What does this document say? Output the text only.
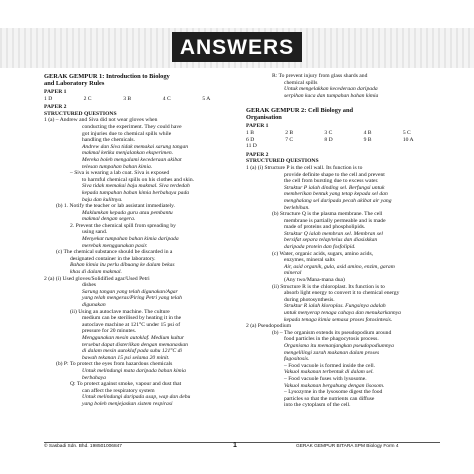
ANSWERS

GERAK GEMPUR 1: Introduction to Biology

and Laboratory Rules

PAPER 1

1 D	2 C	3 B	4 C	5 A

PAPER 2

STRUCTURED QUESTIONS

1 (a) – Andrew and Siva did not wear gloves when

conducting the experiment. They could have

got injuries due to chemical spills while

handling the chemicals.

Andrew dan Siva tidak memakai sarung tangan

makmal ketika menjalankan eksperimen.

Mereka boleh mengalami kecederaan akibat

telesan tumpahan bahan kimia.

– Siva is wearing a lab coat. Siva is exposed

to harmful chemical spills on his clothes and skin.

Siva tidak memakai baju makmal. Siva terdedah

kepada tumpahan bahan kimia berbahaya pada

baju dan kulitnya.

(b) 1. Notify the teacher or lab assistant immediately.

Maklumkan kepada guru atau pembantu

makmal dengan segera.

2. Prevent the chemical spill from spreading by

using sand.

Menyekat tumpahan bahan kimia daripada

merebak menggunakan pasir.

(c) The chemical substance should be discarded in a

designated container in the laboratory.

Bahan kimia itu perlu dibuang ke dalam bekas

khas di dalam makmal.

2 (a) (i) Used gloves/Solidified agar/Used Petri

dishes

Sarung tangan yang telah digunakan/Agar

yang telah mengeras/Piring Petri yang telah

digunakan

(ii) Using an autoclave machine. The culture

medium can be sterilised by heating it in the

autoclave machine at 121°C under 15 psi of

pressure for 20 minutes.

Menggunakan mesin autoklaf. Medium kultur

tersebut dapat disterilkan dengan memanaskan

di dalam mesin autoklaf pada suhu 121°C di

bawah tekanan 15 psi selama 20 minit.

(b) P: To protect the eyes from hazardous chemicals

Untuk melindungi mata daripada bahan kimia

berbahaya

Q: To protect against smoke, vapour and dust that

can affect the respiratory system

Untuk melindungi daripada asap, wap dan debu

yang boleh menjejaskan sistem respirasi

R: To prevent injury from glass shards and

chemical spills

Untuk mengelakkan kecederaan daripada

serpihan kaca dan tumpahan bahan kimia

GERAK GEMPUR 2: Cell Biology and

Organisation

PAPER 1

1 B	2 B	3 C	4 B	5 C
6 D	7 C	8 D	9 B	10 A
11 D

PAPER 2

STRUCTURED QUESTIONS

1 (a) (i) Structure P is the cell wall. Its function is to

provide definite shape to the cell and prevent

the cell from bursting due to excess water.

Struktur P ialah dinding sel. Berfungsi untuk

memberikan bentuk yang tetap kepada sel dan

menghalang sel daripada pecah akibat air yang

berlebihan.

(b) Structure Q is the plasma membrane. The cell

membrane is partially permeable and is made

made of proteins and phospholipids.

Struktur Q ialah membran sel. Membran sel

bersifat separa telap/telus dan diasiskkan

daripada protein dan fosfolipid.

(c) Water, organic acids, sugars, amino acids,

enzymes, mineral salts

Air, asid organik, gula, asid amino, enzim, garam

mineral

(Any two/Mana-mana dua)

(ii) Structure R is the chloroplast. Its function is to

absorb light energy to convert it to chemical energy

during photosynthesis.

Struktur R ialah kloroplas. Fungsinya adalah

untuk menyerap tenaga cahaya dan menukarkannya

kepada tenaga kimia semasa proses fotosintesis.

2 (a) Pseudopodium

(b) – The organism extends its pseudopodium around

food particles in the phagocytosis process.

Organisma itu memanjangkan pseudopodiumnya

mengelilingi zarah makanan dalam proses

fagositosis.

– Food vacuole is formed inside the cell.

Vakuol makanan terbentuk di dalam sel.

– Food vacuole fuses with lysosome.

Vakuol makanan bergabung dengan lisosom.

– Lysozyme in the lysosome digest the food

particles so that the nutrients can diffuse

into the cytoplasm of the cell.

© Sasbadi Sdn. Bhd. 198501006847	1	GERAK GEMPUR BITARA SPM Biology Form 4
